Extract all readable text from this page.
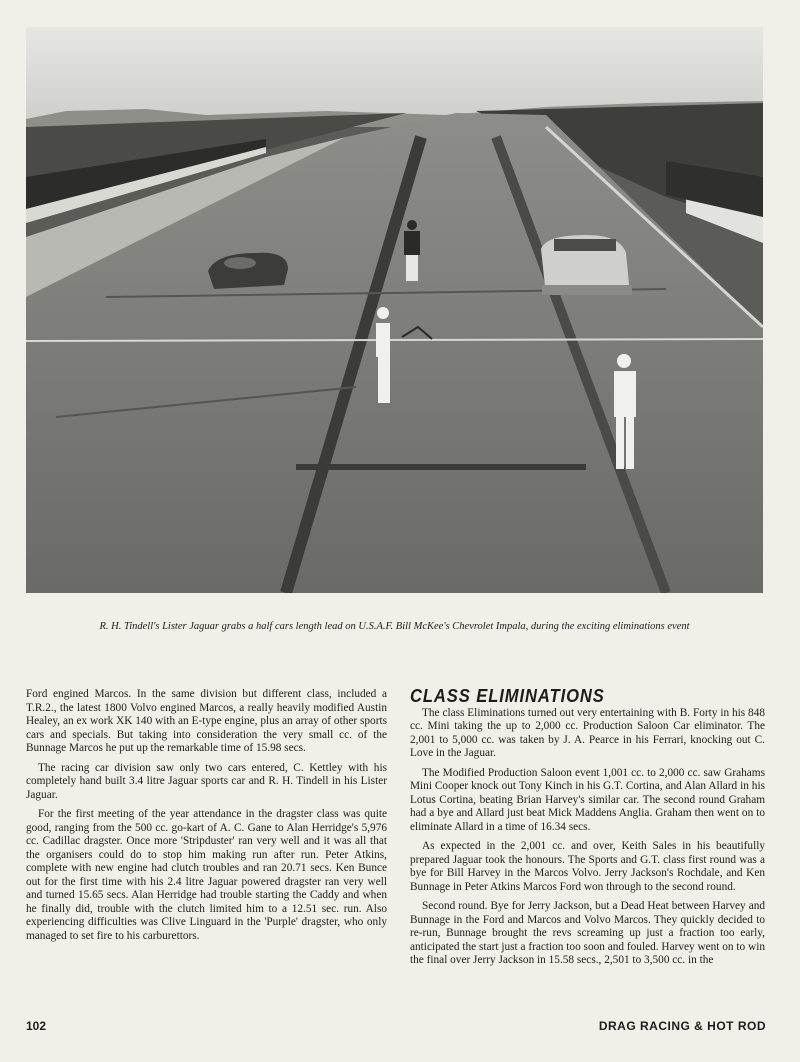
R. H. Tindell's Lister Jaguar grabs a half cars length lead on U.S.A.F. Bill McKee's Chevrolet Impala, during the exciting eliminations event

Ford engined Marcos. In the same division but different class, included a T.R.2., the latest 1800 Volvo engined Marcos, a really heavily modified Austin Healey, an ex work XK 140 with an E-type engine, plus an array of other sports cars and specials. But taking into consideration the very small cc. of the Bunnage Marcos he put up the remarkable time of 15.98 secs.

The racing car division saw only two cars entered, C. Kettley with his completely hand built 3.4 litre Jaguar sports car and R. H. Tindell in his Lister Jaguar.

For the first meeting of the year attendance in the dragster class was quite good, ranging from the 500 cc. go-kart of A. C. Gane to Alan Herridge's 5,976 cc. Cadillac dragster. Once more 'Stripduster' ran very well and it was all that the organisers could do to stop him making run after run. Peter Atkins, complete with new engine had clutch troubles and ran 20.71 secs. Ken Bunce out for the first time with his 2.4 litre Jaguar powered dragster ran very well and turned 15.65 secs. Alan Herridge had trouble starting the Caddy and when he finally did, trouble with the clutch limited him to a 12.51 sec. run. Also experiencing difficulties was Clive Linguard in the 'Purple' dragster, who only managed to set fire to his carburettors.

CLASS ELIMINATIONS

The class Eliminations turned out very entertaining with B. Forty in his 848 cc. Mini taking the up to 2,000 cc. Production Saloon Car eliminator. The 2,001 to 5,000 cc. was taken by J. A. Pearce in his Ferrari, knocking out C. Love in the Jaguar.

The Modified Production Saloon event 1,001 cc. to 2,000 cc. saw Grahams Mini Cooper knock out Tony Kinch in his G.T. Cortina, and Alan Allard in his Lotus Cortina, beating Brian Harvey's similar car. The second round Graham had a bye and Allard just beat Mick Maddens Anglia. Graham then went on to eliminate Allard in a time of 16.34 secs.

As expected in the 2,001 cc. and over, Keith Sales in his beautifully prepared Jaguar took the honours. The Sports and G.T. class first round was a bye for Bill Harvey in the Marcos Volvo. Jerry Jackson's Rochdale, and Ken Bunnage in Peter Atkins Marcos Ford won through to the second round.

Second round. Bye for Jerry Jackson, but a Dead Heat between Harvey and Bunnage in the Ford and Marcos and Volvo Marcos. They quickly decided to re-run, Bunnage brought the revs screaming up just a fraction too early, anticipated the start just a fraction too soon and fouled. Harvey went on to win the final over Jerry Jackson in 15.58 secs., 2,501 to 3,500 cc. in the

102	DRAG RACING & HOT ROD
